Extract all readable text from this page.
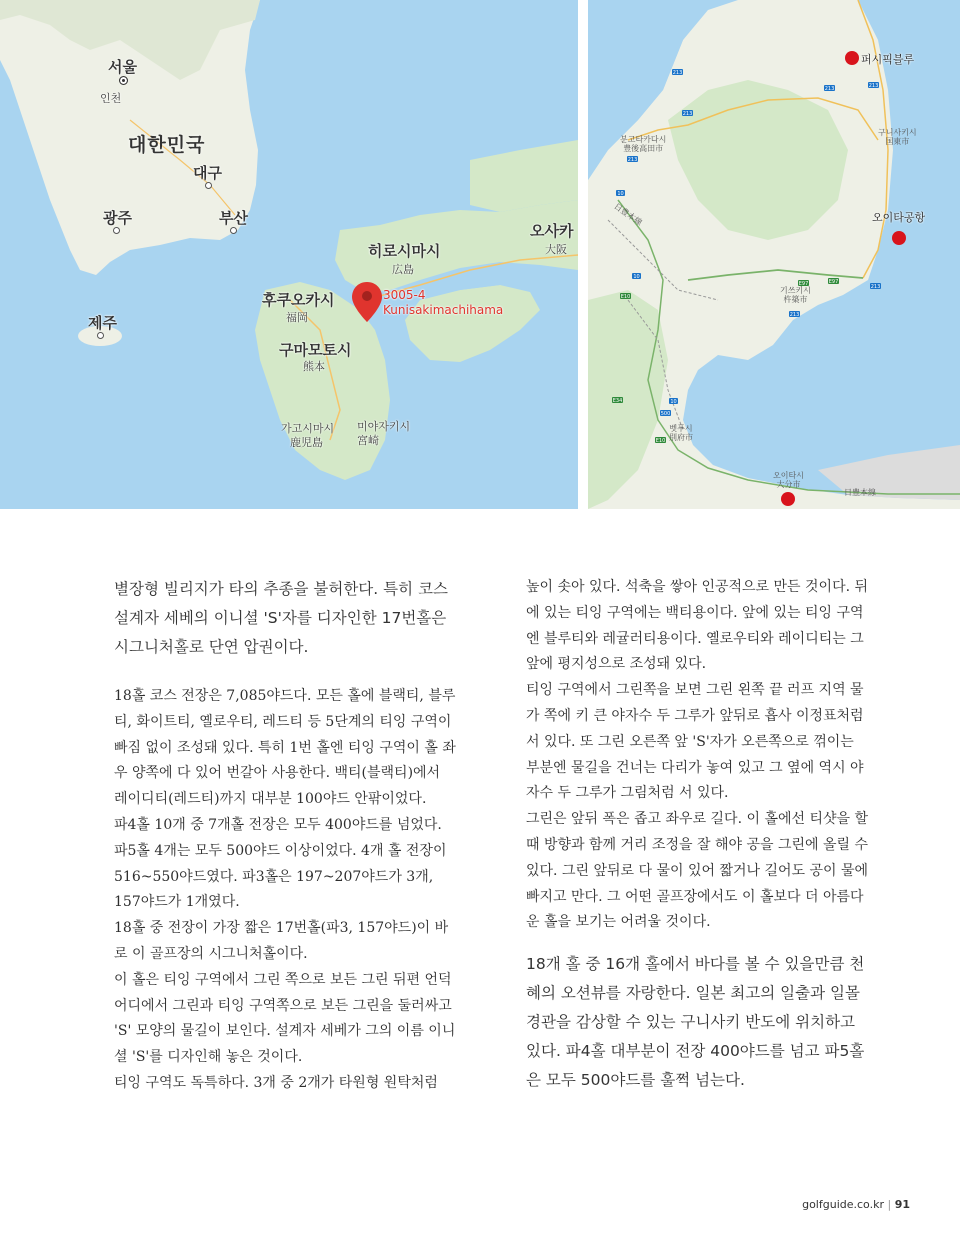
서울
인천
대한민국
대구
광주	부산
제주
히로시마시
広島
오사카
大阪
후쿠오카시
福岡
구마모토시
熊本
가고시마시
鹿児島
미야자키시
宮崎
3005-4
Kunisakimachihama
213
213
213	213
213
213
213
10
10
10
E10
E10
E34
500
E97	E97
퍼시픽블루
오이타공항
분고타카다시
豊後高田市
구니사키시
国東市
기쓰키시
杵築市
벳푸시
別府市
오이타시
大分市
日豊本線
日豊本線

별장형 빌리지가 타의 추종을 불허한다. 특히 코스 설계자 세베의 이니셜 'S'자를 디자인한 17번홀은 시그니처홀로 단연 압권이다.

18홀 코스 전장은 7,085야드다. 모든 홀에 블랙티, 블루티, 화이트티, 옐로우티, 레드티 등 5단계의 티잉 구역이 빠짐 없이 조성돼 있다. 특히 1번 홀엔 티잉 구역이 홀 좌우 양쪽에 다 있어 번갈아 사용한다. 백티(블랙티)에서 레이디티(레드티)까지 대부분 100야드 안팎이었다.

파4홀 10개 중 7개홀 전장은 모두 400야드를 넘었다. 파5홀 4개는 모두 500야드 이상이었다. 4개 홀 전장이 516~550야드였다. 파3홀은 197~207야드가 3개, 157야드가 1개였다.

18홀 중 전장이 가장 짧은 17번홀(파3, 157야드)이 바로 이 골프장의 시그니처홀이다.

이 홀은 티잉 구역에서 그린 쪽으로 보든 그린 뒤편 언덕 어디에서 그린과 티잉 구역쪽으로 보든 그린을 둘러싸고 'S' 모양의 물길이 보인다. 설계자 세베가 그의 이름 이니셜 'S'를 디자인해 놓은 것이다.

티잉 구역도 독특하다. 3개 중 2개가 타원형 원탁처럼

높이 솟아 있다. 석축을 쌓아 인공적으로 만든 것이다. 뒤에 있는 티잉 구역에는 백티용이다. 앞에 있는 티잉 구역엔 블루티와 레귤러티용이다. 옐로우티와 레이디티는 그 앞에 평지성으로 조성돼 있다.

티잉 구역에서 그린쪽을 보면 그린 왼쪽 끝 러프 지역 물가 쪽에 키 큰 야자수 두 그루가 앞뒤로 흡사 이정표처럼 서 있다. 또 그린 오른쪽 앞 'S'자가 오른쪽으로 꺾이는 부분엔 물길을 건너는 다리가 놓여 있고 그 옆에 역시 야자수 두 그루가 그림처럼 서 있다.

그린은 앞뒤 폭은 좁고 좌우로 길다. 이 홀에선 티샷을 할 때 방향과 함께 거리 조정을 잘 해야 공을 그린에 올릴 수 있다. 그린 앞뒤로 다 물이 있어 짧거나 길어도 공이 물에 빠지고 만다. 그 어떤 골프장에서도 이 홀보다 더 아름다운 홀을 보기는 어려울 것이다.

18개 홀 중 16개 홀에서 바다를 볼 수 있을만큼 천혜의 오션뷰를 자랑한다. 일본 최고의 일출과 일몰 경관을 감상할 수 있는 구니사키 반도에 위치하고 있다. 파4홀 대부분이 전장 400야드를 넘고 파5홀은 모두 500야드를 훌쩍 넘는다.

golfguide.co.kr | 91
